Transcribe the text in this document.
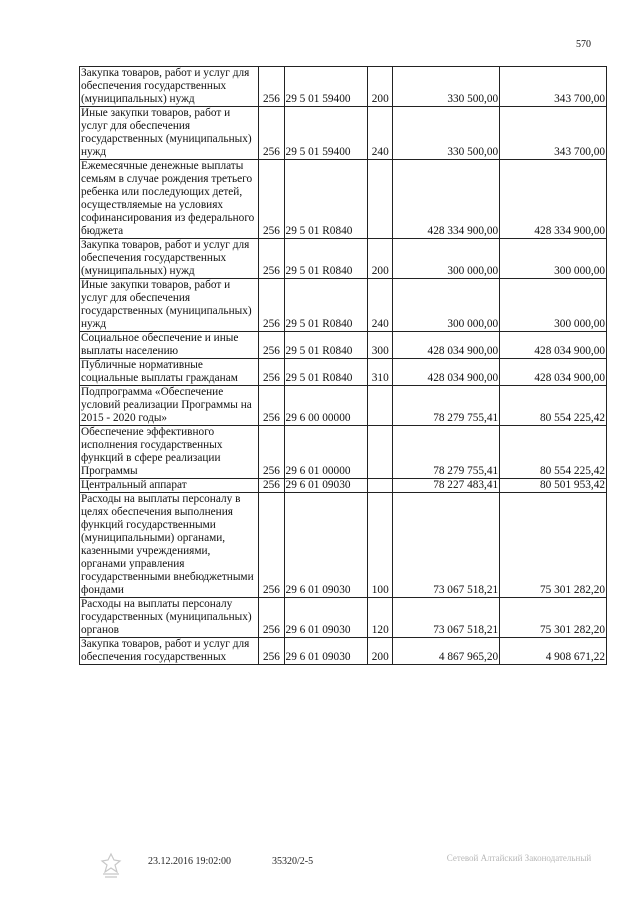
570
Закупка товаров, работ и услуг для обеспечения государственных (муниципальных) нужд	256	29 5 01 59400	200	330 500,00	343 700,00
Иные закупки товаров, работ и услуг для обеспечения государственных (муниципальных) нужд	256	29 5 01 59400	240	330 500,00	343 700,00
Ежемесячные денежные выплаты семьям в случае рождения третьего ребенка или последующих детей, осуществляемые на условиях софинансирования из федерального бюджета	256	29 5 01 R0840		428 334 900,00	428 334 900,00
Закупка товаров, работ и услуг для обеспечения государственных (муниципальных) нужд	256	29 5 01 R0840	200	300 000,00	300 000,00
Иные закупки товаров, работ и услуг для обеспечения государственных (муниципальных) нужд	256	29 5 01 R0840	240	300 000,00	300 000,00
Социальное обеспечение и иные выплаты населению	256	29 5 01 R0840	300	428 034 900,00	428 034 900,00
Публичные нормативные социальные выплаты гражданам	256	29 5 01 R0840	310	428 034 900,00	428 034 900,00
Подпрограмма «Обеспечение условий реализации Программы на 2015 - 2020 годы»	256	29 6 00 00000		78 279 755,41	80 554 225,42
Обеспечение эффективного исполнения государственных функций в сфере реализации Программы	256	29 6 01 00000		78 279 755,41	80 554 225,42
Центральный аппарат	256	29 6 01 09030		78 227 483,41	80 501 953,42
Расходы на выплаты персоналу в целях обеспечения выполнения функций государственными (муниципальными) органами, казенными учреждениями, органами управления государственными внебюджетными фондами	256	29 6 01 09030	100	73 067 518,21	75 301 282,20
Расходы на выплаты персоналу государственных (муниципальных) органов	256	29 6 01 09030	120	73 067 518,21	75 301 282,20
Закупка товаров, работ и услуг для обеспечения государственных	256	29 6 01 09030	200	4 867 965,20	4 908 671,22
23.12.2016 19:02:00	35320/2-5	Сетевой Алтайский Законодательный
